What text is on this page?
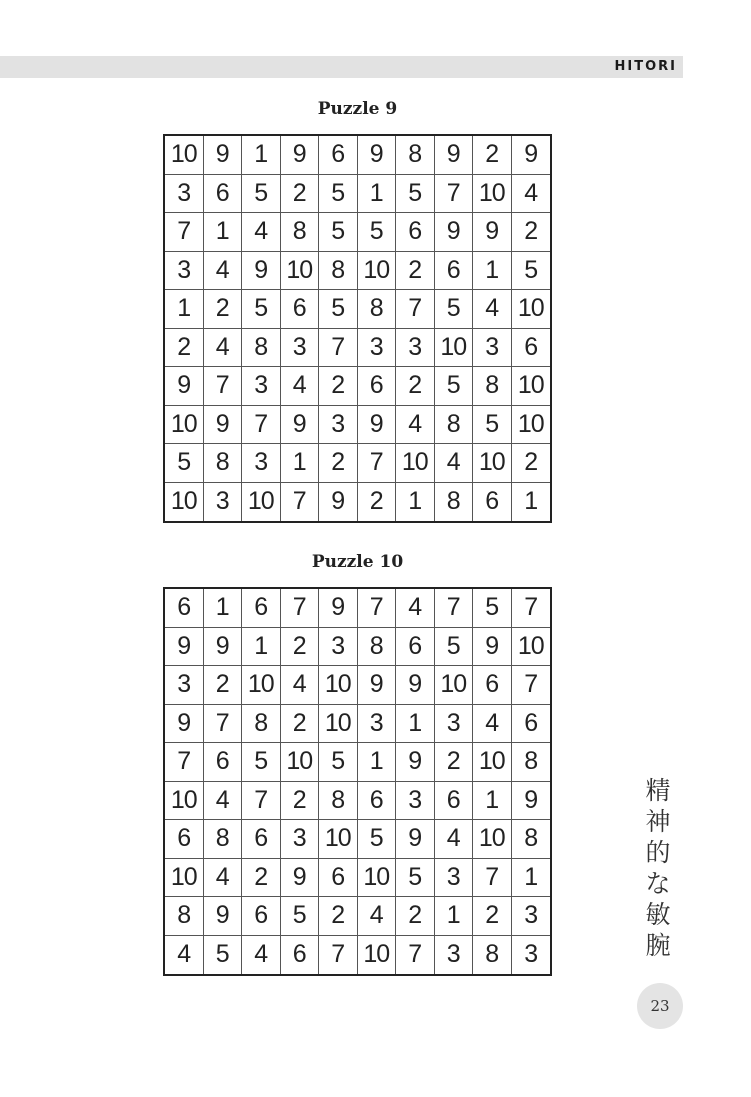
HITORI
Puzzle 9
10 9	1	9	6	9	8	9	2	9
3	6	5	2	5	1	5	7 10 4
7	1	4	8	5	5	6	9	9	2
3	4	9 10 8 10 2	6	1	5
1	2	5	6	5	8	7	5	4 10
2	4	8	3	7	3	3 10 3	6
9	7	3	4	2	6	2	5	8 10
10 9	7	9	3	9	4	8	5 10
5	8	3	1	2	7 10 4 10 2
10 3 10 7	9	2	1	8	6	1
Puzzle 10
6	1	6	7	9	7	4	7	5	7
9	9	1	2	3	8	6	5	9 10
3	2 10 4 10 9	9 10 6	7
9	7	8	2 10 3	1	3	4	6
7	6	5 10 5	1	9	2 10 8
10 4	7	2	8	6	3	6	1	9
6	8	6	3 10 5	9	4 10 8
10 4	2	9	6 10 5	3	7	1
8	9	6	5	2	4	2	1	2	3
4	5	4	6	7 10 7	3	8	3
精
神
的
な
敏
腕
23
